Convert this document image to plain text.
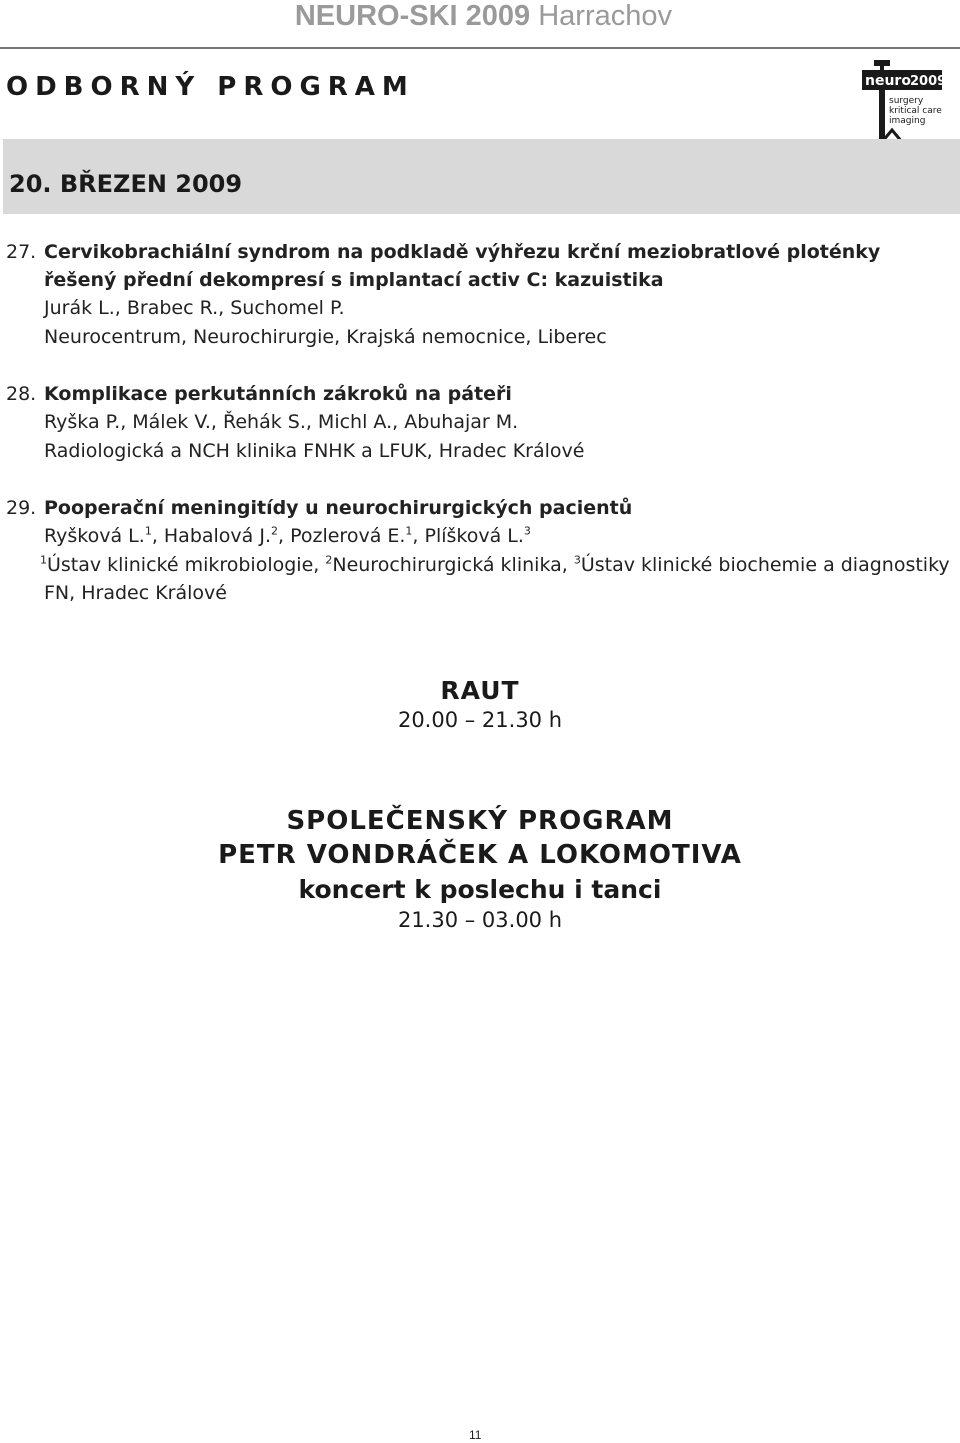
NEURO-SKI 2009 Harrachov
ODBORNÝ PROGRAM	neuro 2009
surgery
kritical care
imaging
20. BŘEZEN 2009
27. Cervikobrachiální syndrom na podkladě výhřezu krční meziobratlové ploténky
řešený přední dekompresí s implantací activ C: kazuistika
Jurák L., Brabec R., Suchomel P.
Neurocentrum, Neurochirurgie, Krajská nemocnice, Liberec
28. Komplikace perkutánních zákroků na páteři
Ryška P., Málek V., Řehák S., Michl A., Abuhajar M.
Radiologická a NCH klinika FNHK a LFUK, Hradec Králové
29. Pooperační meningitídy u neurochirurgických pacientů
Ryšková L.$^1$, Habalová J.$^2$, Pozlerová E.$^1$, Plíšková L.$^3$
$^1$Ústav klinické mikrobiologie, $^2$Neurochirurgická klinika, $^3$Ústav klinické biochemie a diagnostiky
FN, Hradec Králové
RAUT
20.00 – 21.30 h
SPOLEČENSKÝ PROGRAM
PETR VONDRÁČEK A LOKOMOTIVA
koncert k poslechu i tanci
21.30 – 03.00 h
11
